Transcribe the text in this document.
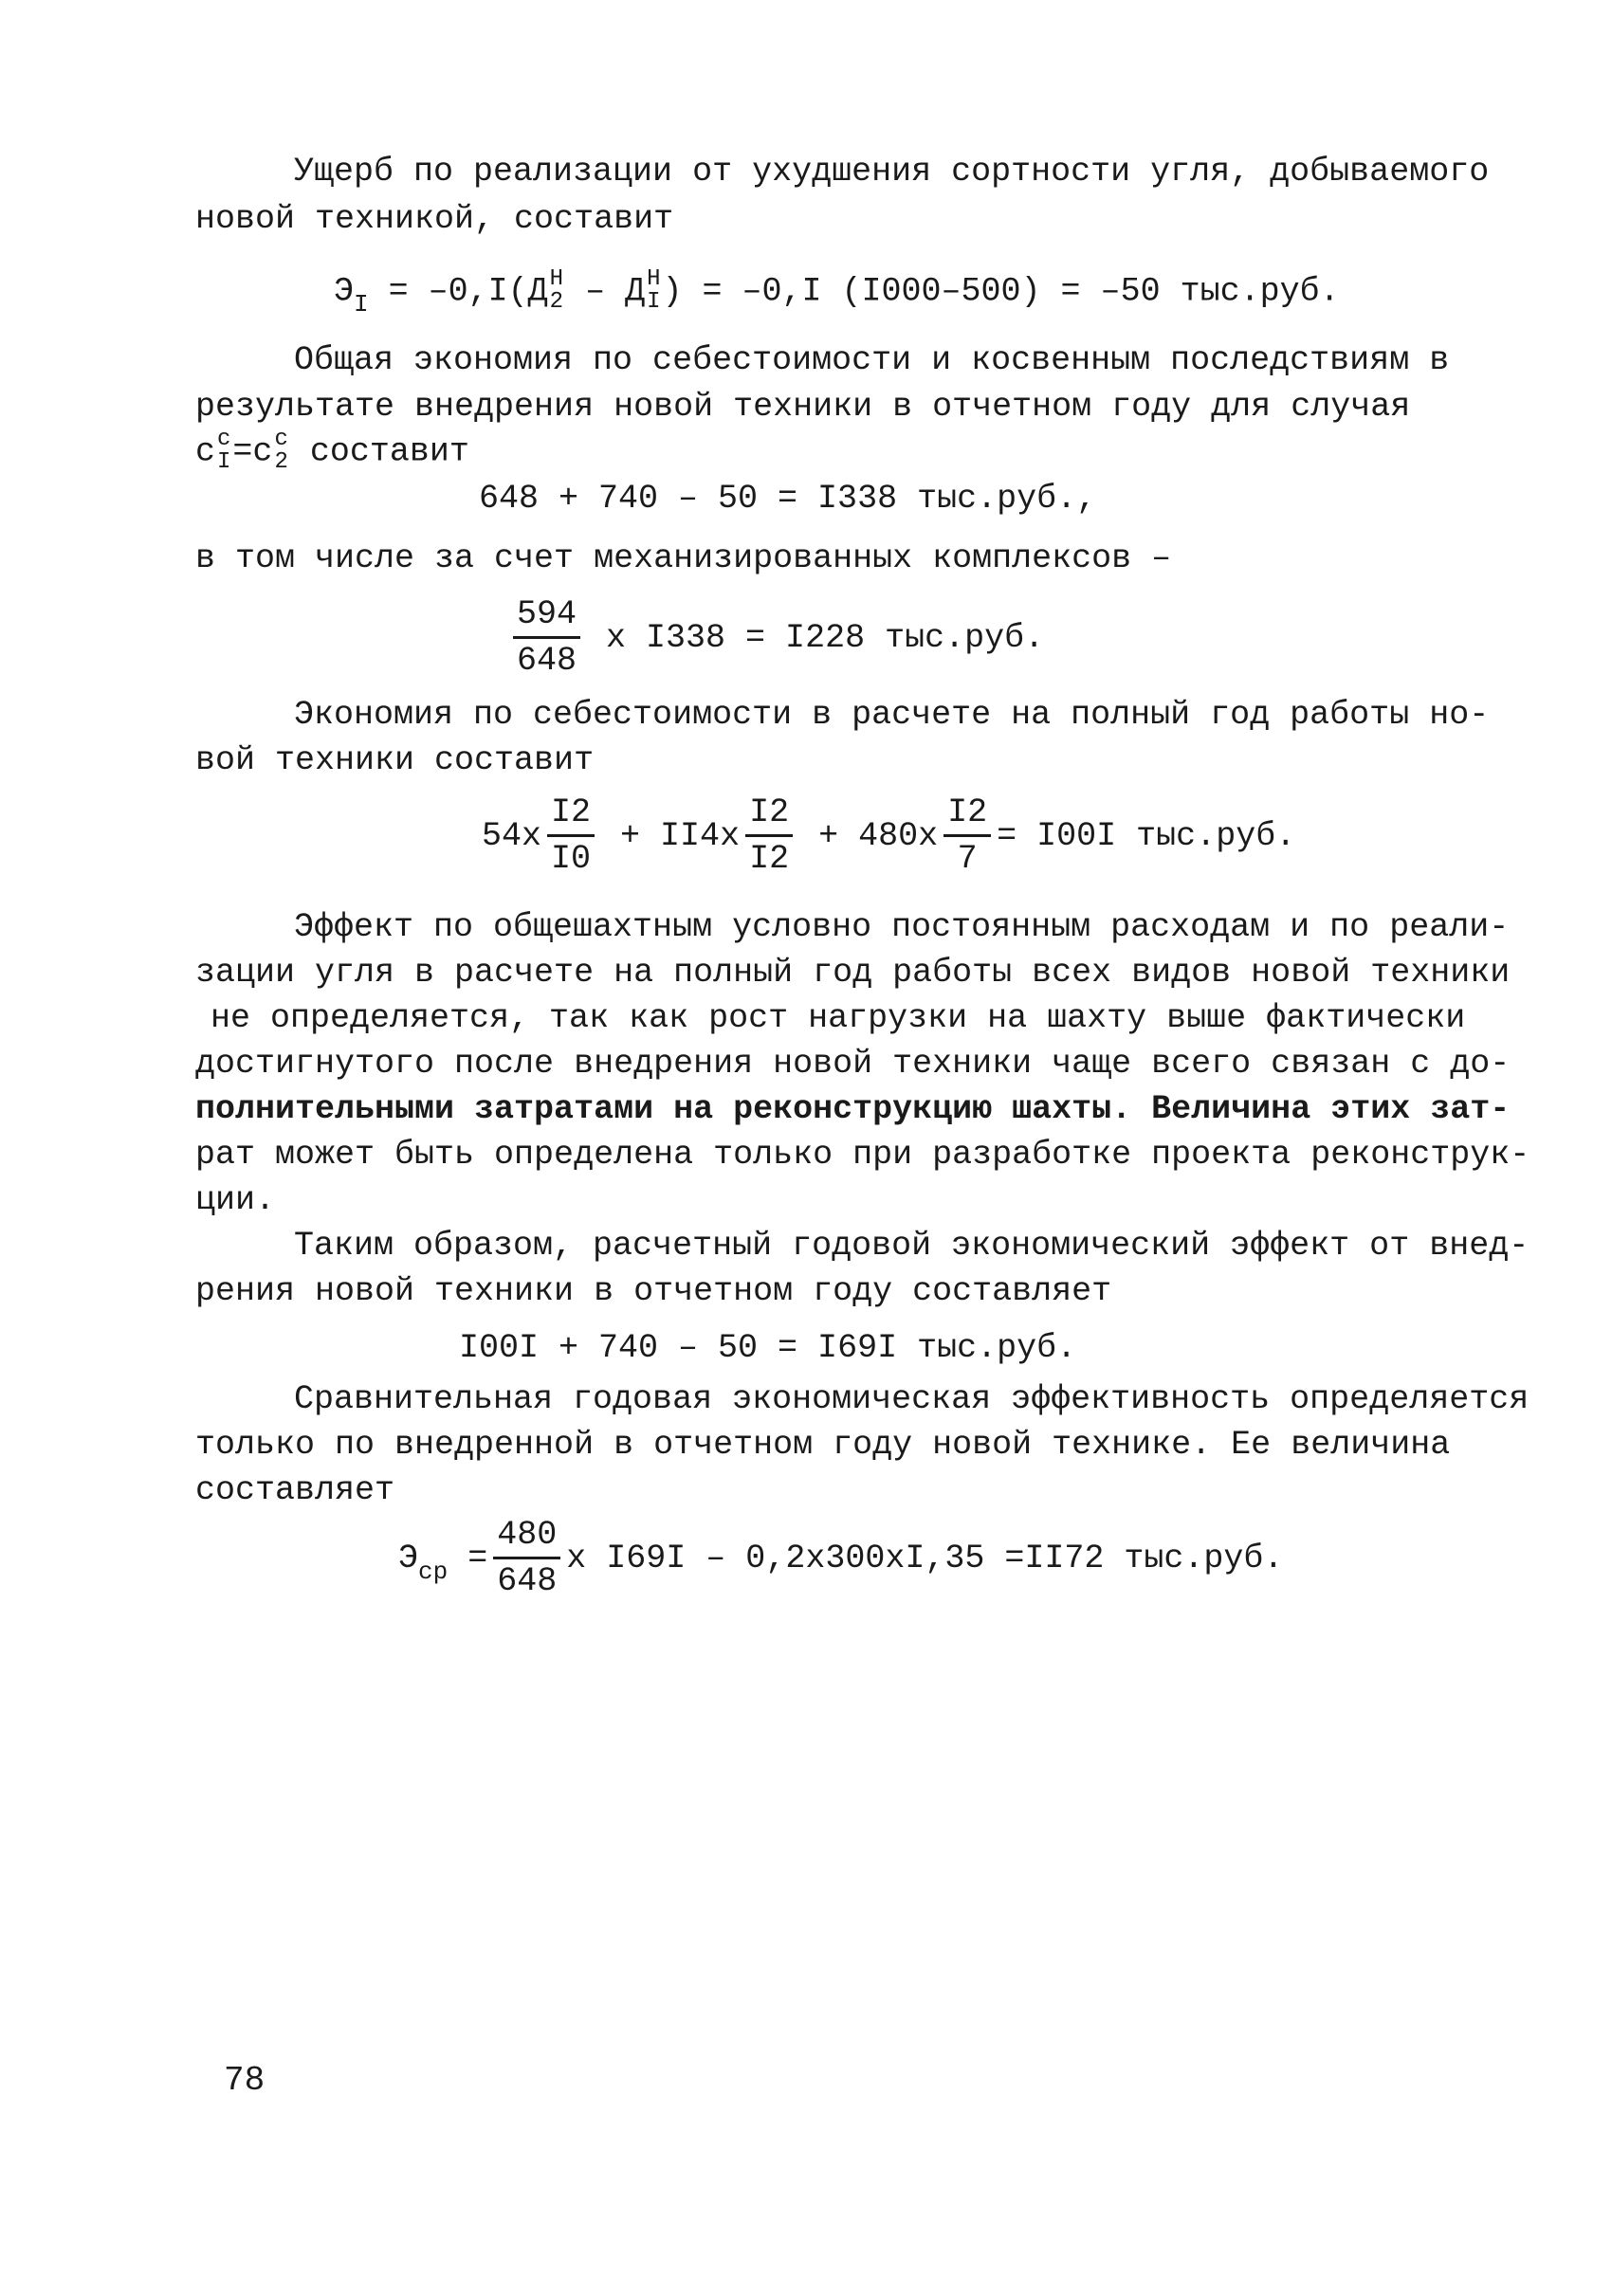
Ущерб по реализации от ухудшения сортности угля, добываемого
новой техникой, составит
$Э_I = -0,I(Д$ Н
2 – Д Н
I ) = –0,I (I000–500) = –50 тыс.руб.
Общая экономия по себестоимости и косвенным последствиям в
результате внедрения новой техники в отчетном году для случая
с с
I =с с
2 составит
648 + 740 – 50 = I338 тыс.руб.,
в том числе за счет механизированных комплексов –
$\frac{594}{648}$ x I338 = I228 тыс.руб.
Экономия по себестоимости в расчете на полный год работы но-
вой техники составит
$54x \frac{I2}{I0} + II4x \frac{I2}{I2} + 480x \frac{I2}{7} = I00I$ тыс.руб.
Эффект по общешахтным условно постоянным расходам и по реали-
зации угля в расчете на полный год работы всех видов новой техники
не определяется, так как рост нагрузки на шахту выше фактически
достигнутого после внедрения новой техники чаще всего связан с до-
полнительными затратами на реконструкцию шахты. Величина этих зат-
рат может быть определена только при разработке проекта реконструк-
ции.
Таким образом, расчетный годовой экономический эффект от внед-
рения новой техники в отчетном году составляет
I00I + 740 – 50 = I69I тыс.руб.
Сравнительная годовая экономическая эффективность определяется
только по внедренной в отчетном году новой технике. Ее величина
составляет
$Э_{ср} = \frac{480}{648}$ x I69I – 0,2x300xI,35 =II72 тыс.руб.
78
